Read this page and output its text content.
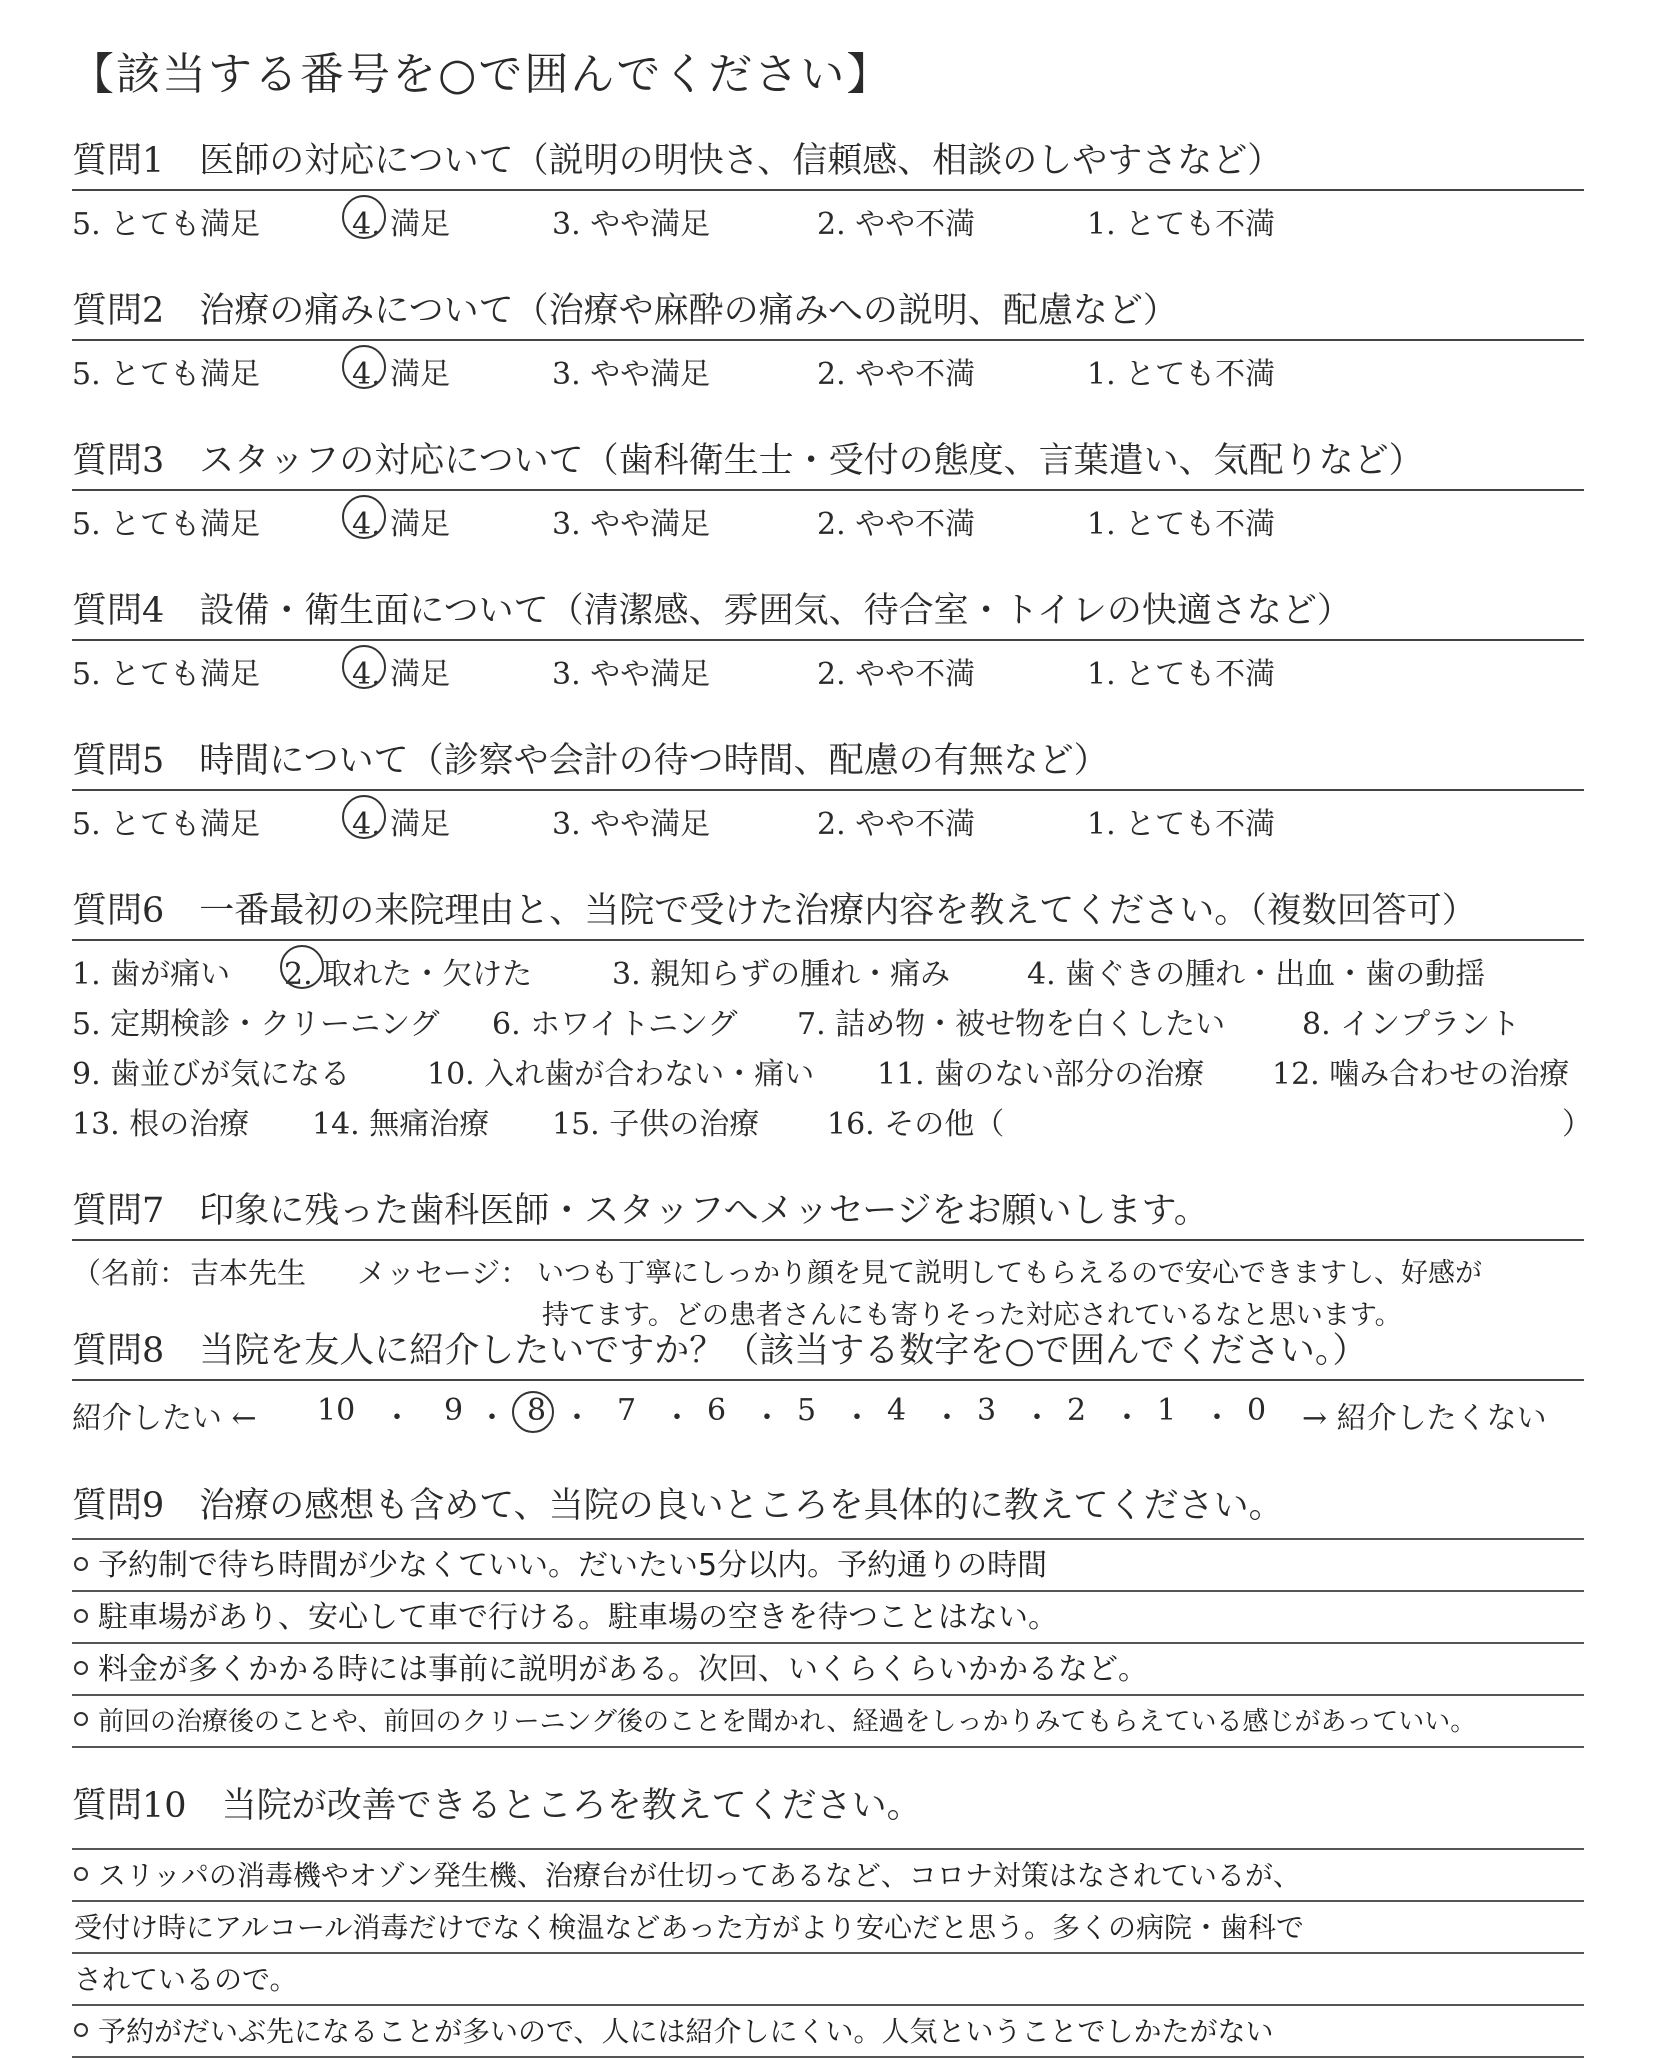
【該当する番号を○で囲んでください】
質問1　 医師の対応について（説明の明快さ、信頼感、相談のしやすさなど）
5. とても満足	4. 満足	3. やや満足	2. やや不満	1. とても不満
質問2　 治療の痛みについて（治療や麻酔の痛みへの説明、配慮など）
5. とても満足	4. 満足	3. やや満足	2. やや不満	1. とても不満
質問3　 スタッフの対応について（歯科衛生士・受付の態度、言葉遣い、気配りなど）
5. とても満足	4. 満足	3. やや満足	2. やや不満	1. とても不満
質問4　 設備・衛生面について（清潔感、雰囲気、待合室・トイレの快適さなど）
5. とても満足	4. 満足	3. やや満足	2. やや不満	1. とても不満
質問5　 時間について（診察や会計の待つ時間、配慮の有無など）
5. とても満足	4. 満足	3. やや満足	2. やや不満	1. とても不満
質問6　 一番最初の来院理由と、当院で受けた治療内容を教えてください。（複数回答可）
1. 歯が痛い 2. 取れた・欠けた	3. 親知らずの腫れ・痛み	4. 歯ぐきの腫れ・出血・歯の動揺
5. 定期検診・クリーニング 6. ホワイトニング 7. 詰め物・被せ物を白くしたい	8. インプラント
9. 歯並びが気になる	10. 入れ歯が合わない・痛い 11. 歯のない部分の治療 12. 噛み合わせの治療
13. 根の治療 14. 無痛治療 15. 子供の治療 16. その他（	）
質問7　 印象に残った歯科医師・スタッフへメッセージをお願いします。
（名前： 吉本先生 メッセージ： いつも丁寧にしっかり顔を見て説明してもらえるので安心できますし、好感が
持てます。どの患者さんにも寄りそった対応されているなと思います。
質問8　 当院を友人に紹介したいですか？（該当する数字を○で囲んでください。）
紹介したい ← 10 ・ 9 ・ 8 ・ 7 ・ 6 ・ 5 ・ 4 ・ 3 ・ 2 ・ 1 ・ 0 → 紹介したくない
質問9　 治療の感想も含めて、当院の良いところを具体的に教えてください。
予約制で待ち時間が少なくていい。だいたい5分以内。予約通りの時間
駐車場があり、安心して車で行ける。駐車場の空きを待つことはない。
料金が多くかかる時には事前に説明がある。次回、いくらくらいかかるなど。
前回の治療後のことや、前回のクリーニング後のことを聞かれ、経過をしっかりみてもらえている感じがあっていい。
質問10　 当院が改善できるところを教えてください。
スリッパの消毒機やオゾン発生機、治療台が仕切ってあるなど、コロナ対策はなされているが、
受付け時にアルコール消毒だけでなく検温などあった方がより安心だと思う。多くの病院・歯科で
されているので。
予約がだいぶ先になることが多いので、人には紹介しにくい。人気ということでしかたがない
